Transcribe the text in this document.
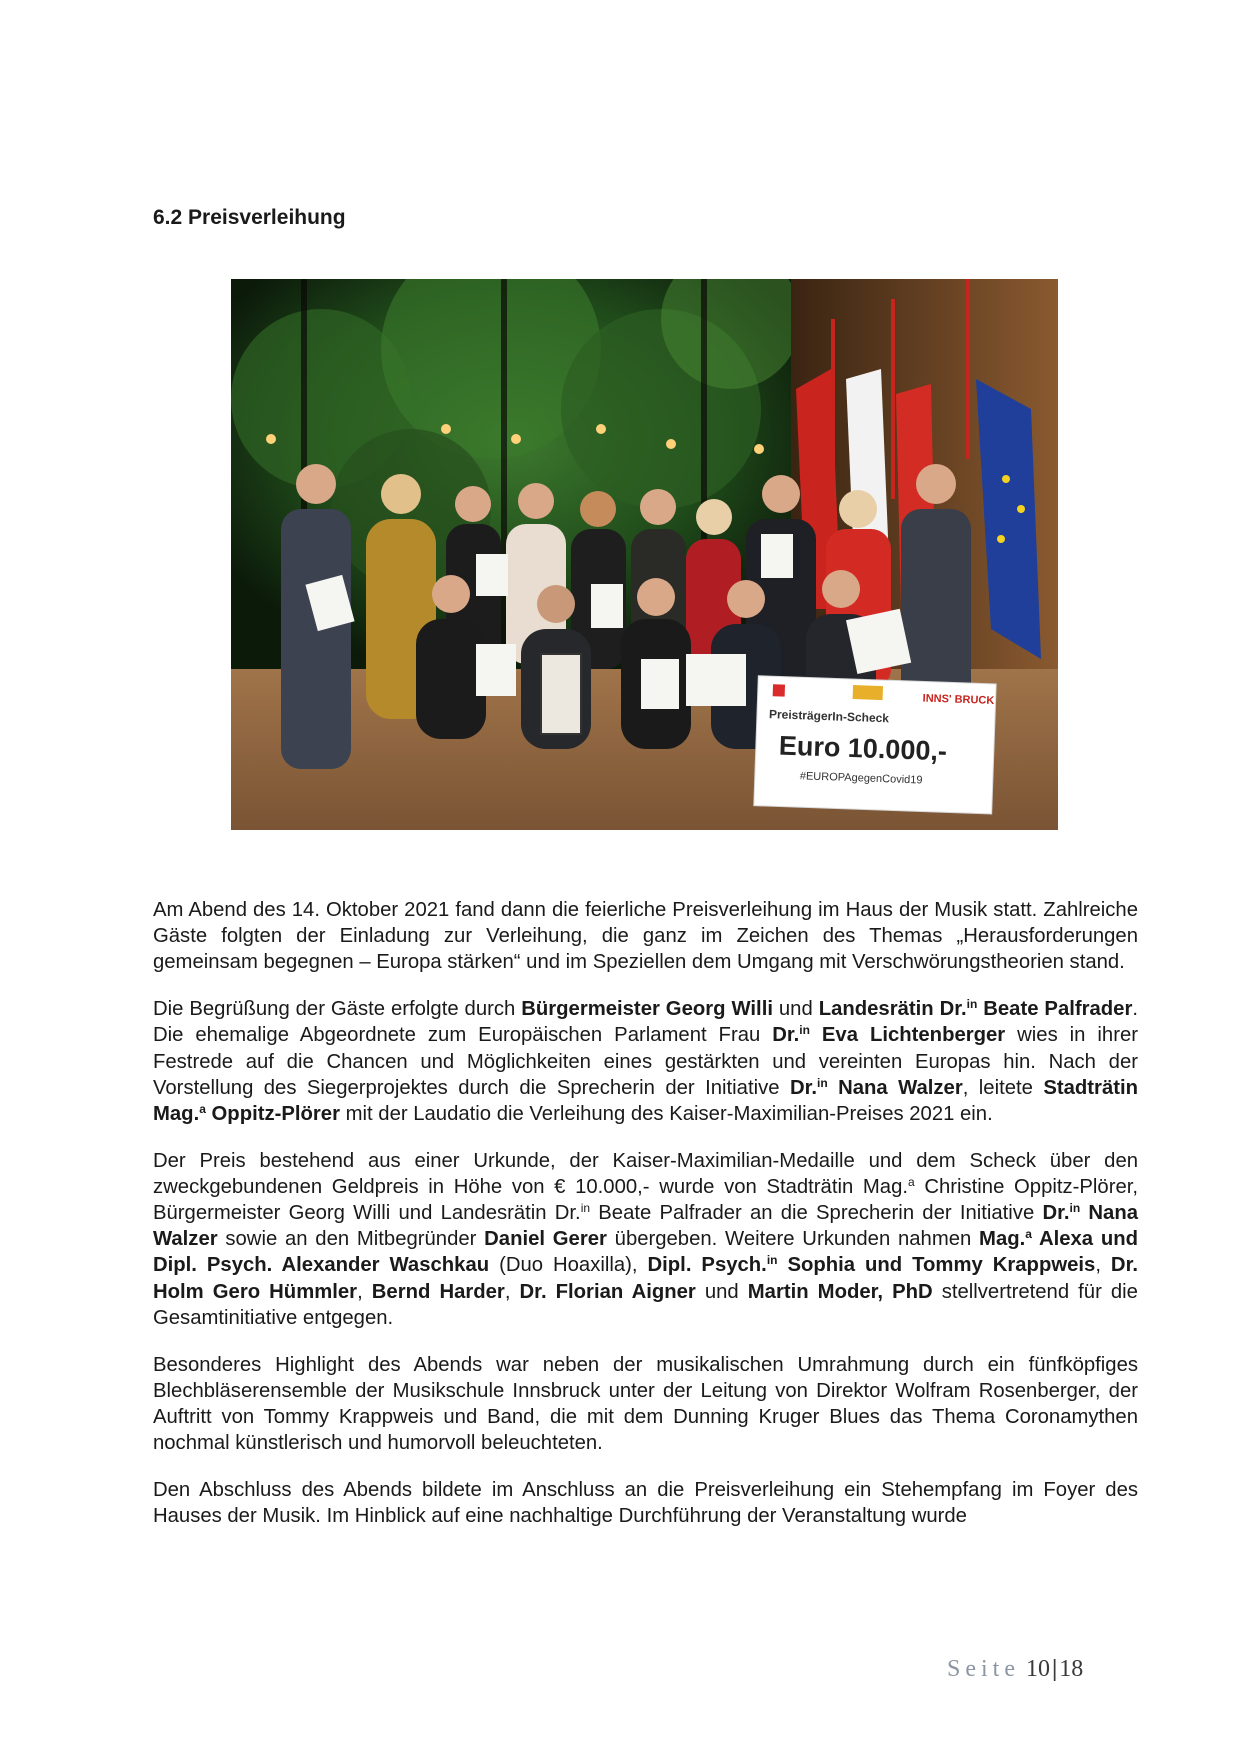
6.2 Preisverleihung
INNS' BRUCK
PreisträgerIn-Scheck
Euro 10.000,-
#EUROPAgegenCovid19

Am Abend des 14. Oktober 2021 fand dann die feierliche Preisverleihung im Haus der Musik statt. Zahlreiche Gäste folgten der Einladung zur Verleihung, die ganz im Zeichen des Themas „Herausforderungen gemeinsam begegnen – Europa stärken“ und im Speziellen dem Umgang mit Verschwörungstheorien stand.

Die Begrüßung der Gäste erfolgte durch Bürgermeister Georg Willi und Landesrätin Dr.$^{in}$ Beate Palfrader. Die ehemalige Abgeordnete zum Europäischen Parlament Frau Dr.$^{in}$ Eva Lichtenberger wies in ihrer Festrede auf die Chancen und Möglichkeiten eines gestärkten und vereinten Europas hin. Nach der Vorstellung des Siegerprojektes durch die Sprecherin der Initiative Dr.$^{in}$ Nana Walzer, leitete Stadträtin Mag.$^a$ Oppitz-Plörer mit der Laudatio die Verleihung des Kaiser-Maximilian-Preises 2021 ein.

Der Preis bestehend aus einer Urkunde, der Kaiser-Maximilian-Medaille und dem Scheck über den zweckgebundenen Geldpreis in Höhe von € 10.000,- wurde von Stadträtin Mag.$^a$ Christine Oppitz-Plörer, Bürgermeister Georg Willi und Landesrätin Dr.$^{in}$ Beate Palfrader an die Sprecherin der Initiative Dr.$^{in}$ Nana Walzer sowie an den Mitbegründer Daniel Gerer übergeben. Weitere Urkunden nahmen Mag.$^a$ Alexa und Dipl. Psych. Alexander Waschkau (Duo Hoaxilla), Dipl. Psych.$^{in}$ Sophia und Tommy Krappweis, Dr. Holm Gero Hümmler, Bernd Harder, Dr. Florian Aigner und Martin Moder, PhD stellvertretend für die Gesamtinitiative entgegen.

Besonderes Highlight des Abends war neben der musikalischen Umrahmung durch ein fünfköpfiges Blechbläserensemble der Musikschule Innsbruck unter der Leitung von Direktor Wolfram Rosenberger, der Auftritt von Tommy Krappweis und Band, die mit dem Dunning Kruger Blues das Thema Coronamythen nochmal künstlerisch und humorvoll beleuchteten.

Den Abschluss des Abends bildete im Anschluss an die Preisverleihung ein Stehempfang im Foyer des Hauses der Musik. Im Hinblick auf eine nachhaltige Durchführung der Veranstaltung wurde

Seite 10|18
